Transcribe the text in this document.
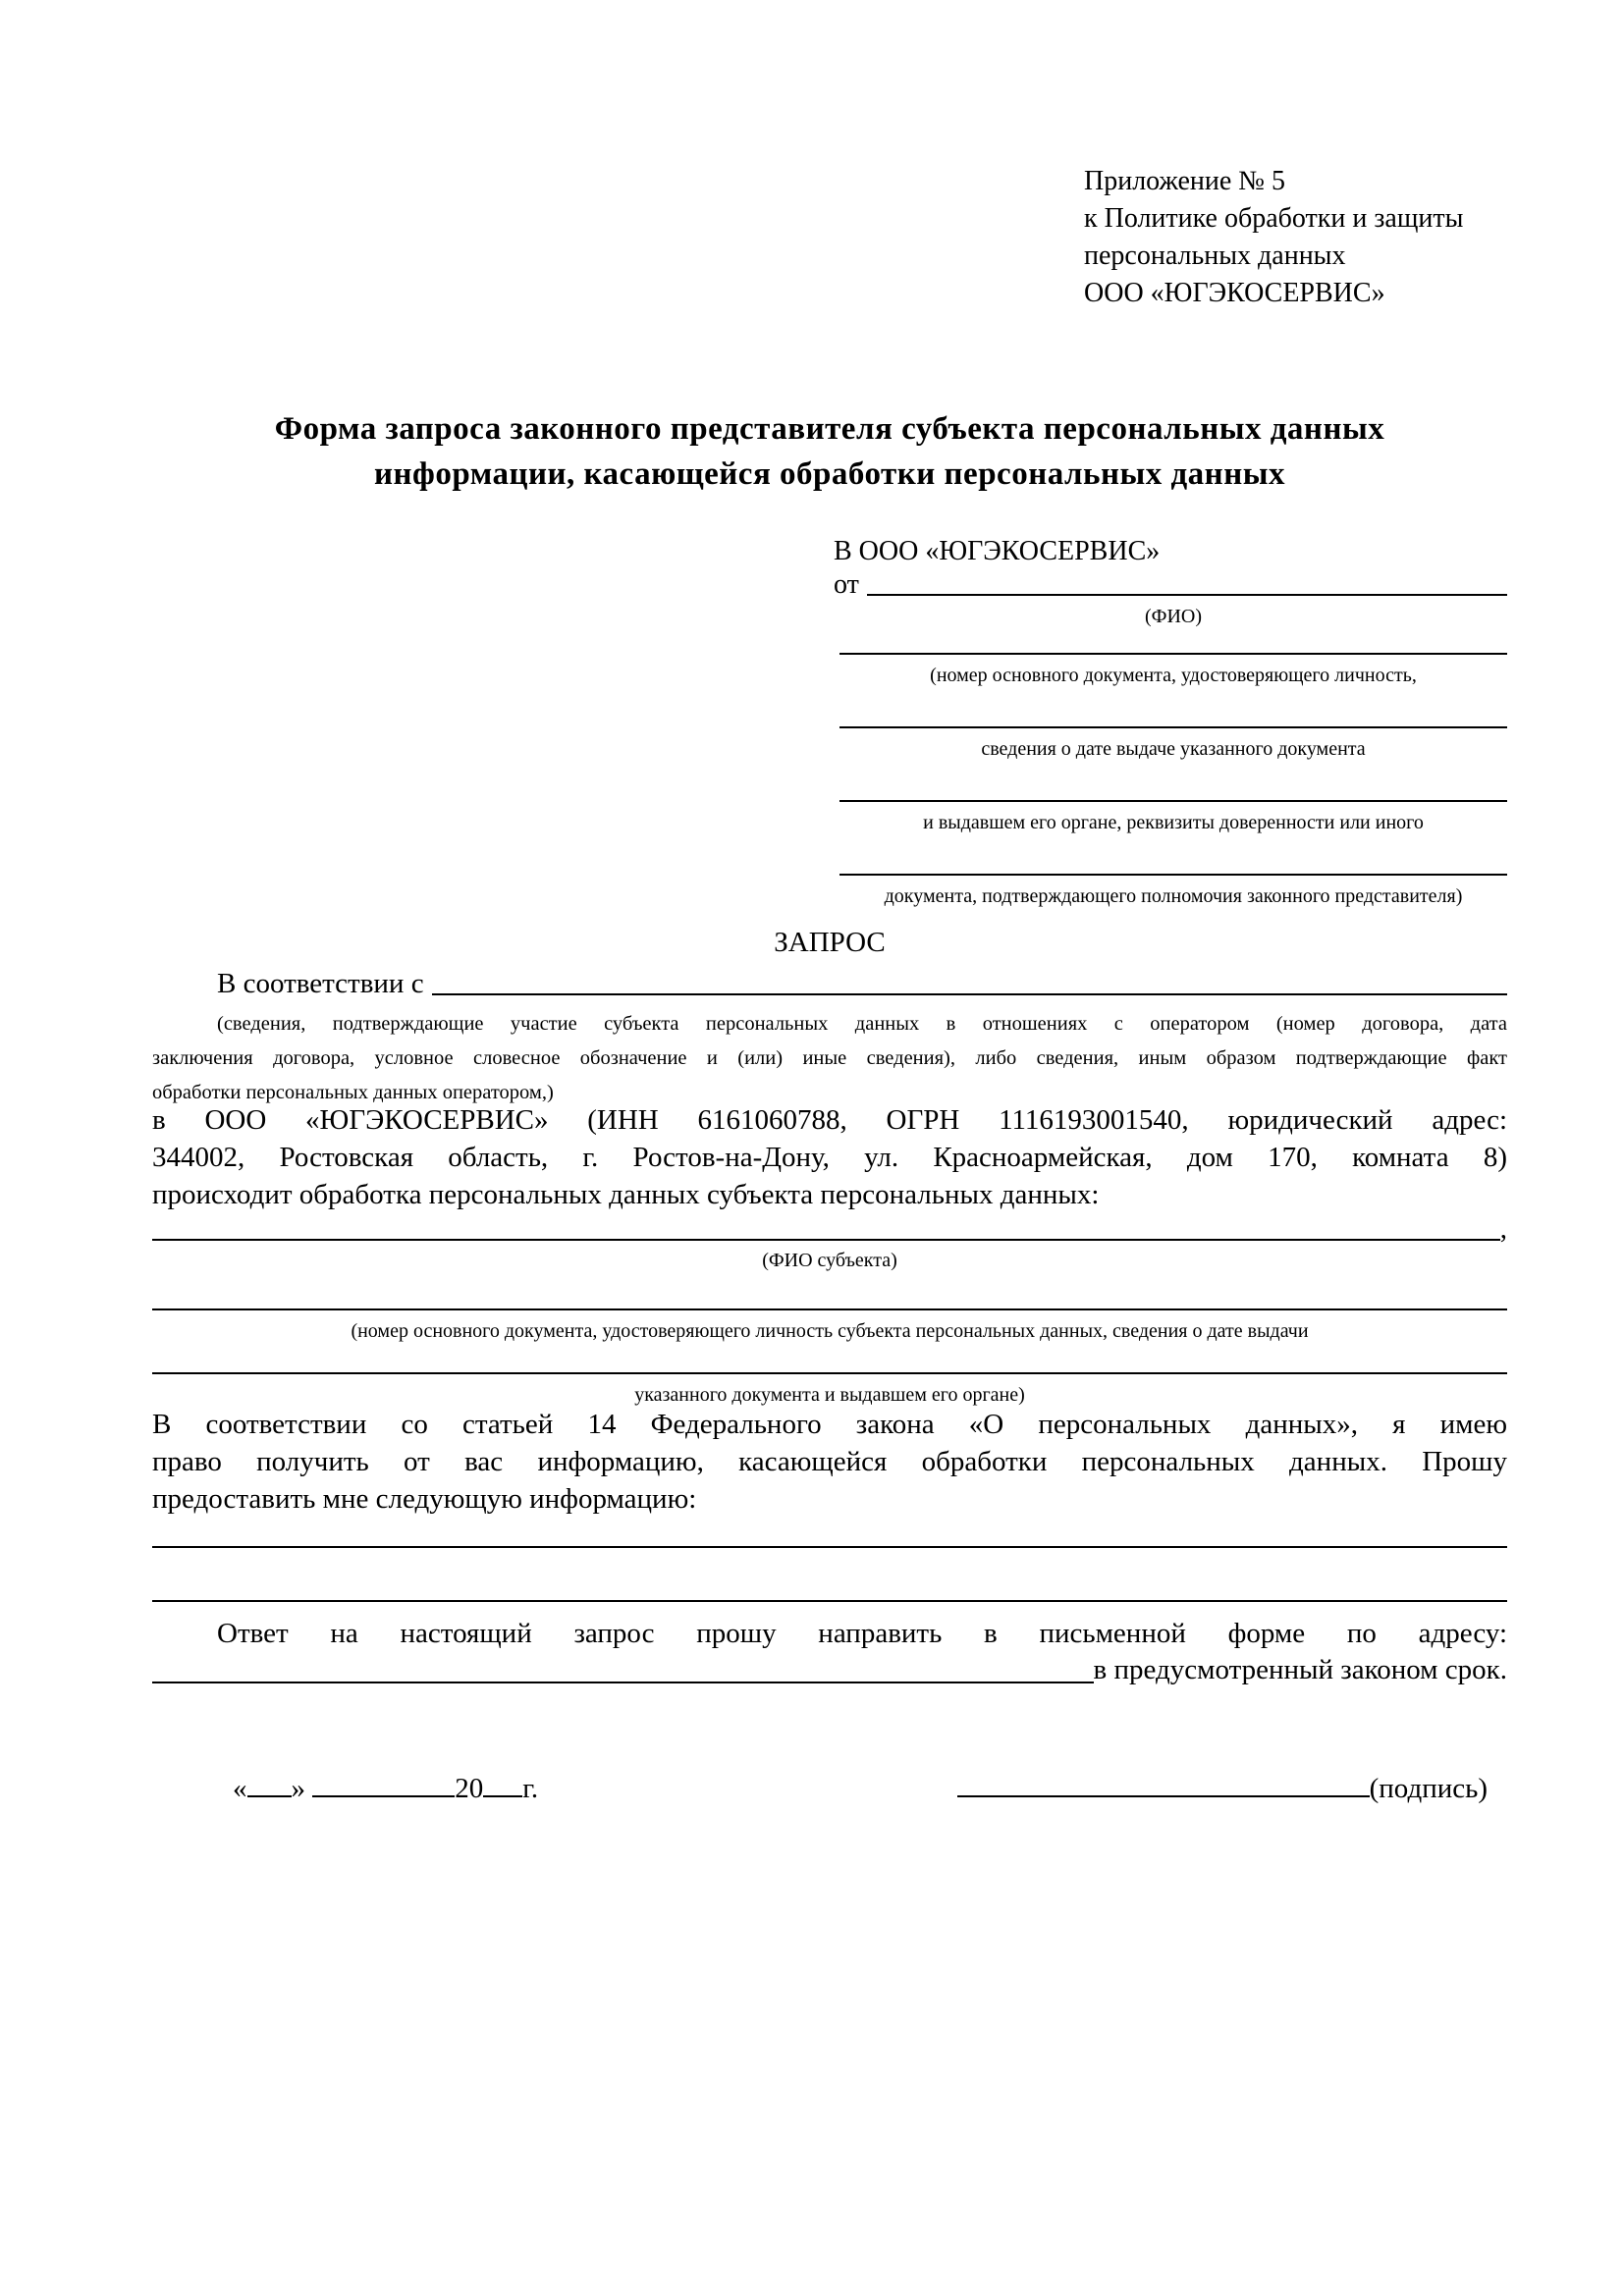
Приложение № 5
к Политике обработки и защиты
персональных данных
ООО «ЮГЭКОСЕРВИС»
Форма запроса законного представителя субъекта персональных данных
информации, касающейся обработки персональных данных
В ООО «ЮГЭКОСЕРВИС»
от
(ФИО)
(номер основного документа, удостоверяющего личность,
сведения о дате выдаче указанного документа
и выдавшем его органе, реквизиты доверенности или иного
документа, подтверждающего полномочия законного представителя)
ЗАПРОС
В соответствии с
(сведения, подтверждающие участие субъекта персональных данных в отношениях с оператором (номер договора, дата
заключения договора, условное словесное обозначение и (или) иные сведения), либо сведения, иным образом подтверждающие факт
обработки персональных данных оператором,)
в ООО «ЮГЭКОСЕРВИС» (ИНН 6161060788, ОГРН 1116193001540, юридический адрес:
344002, Ростовская область, г. Ростов-на-Дону, ул. Красноармейская, дом 170, комната 8)
происходит обработка персональных данных субъекта персональных данных:
,
(ФИО субъекта)
(номер основного документа, удостоверяющего личность субъекта персональных данных, сведения о дате выдачи
указанного документа и выдавшем его органе)
В соответствии со статьей 14 Федерального закона «О персональных данных», я имею
право получить от вас информацию, касающейся обработки персональных данных. Прошу
предоставить мне следующую информацию:
Ответ на настоящий запрос прошу направить в письменной форме по адресу:
в предусмотренный законом срок.
« »	20 г.	(подпись)
